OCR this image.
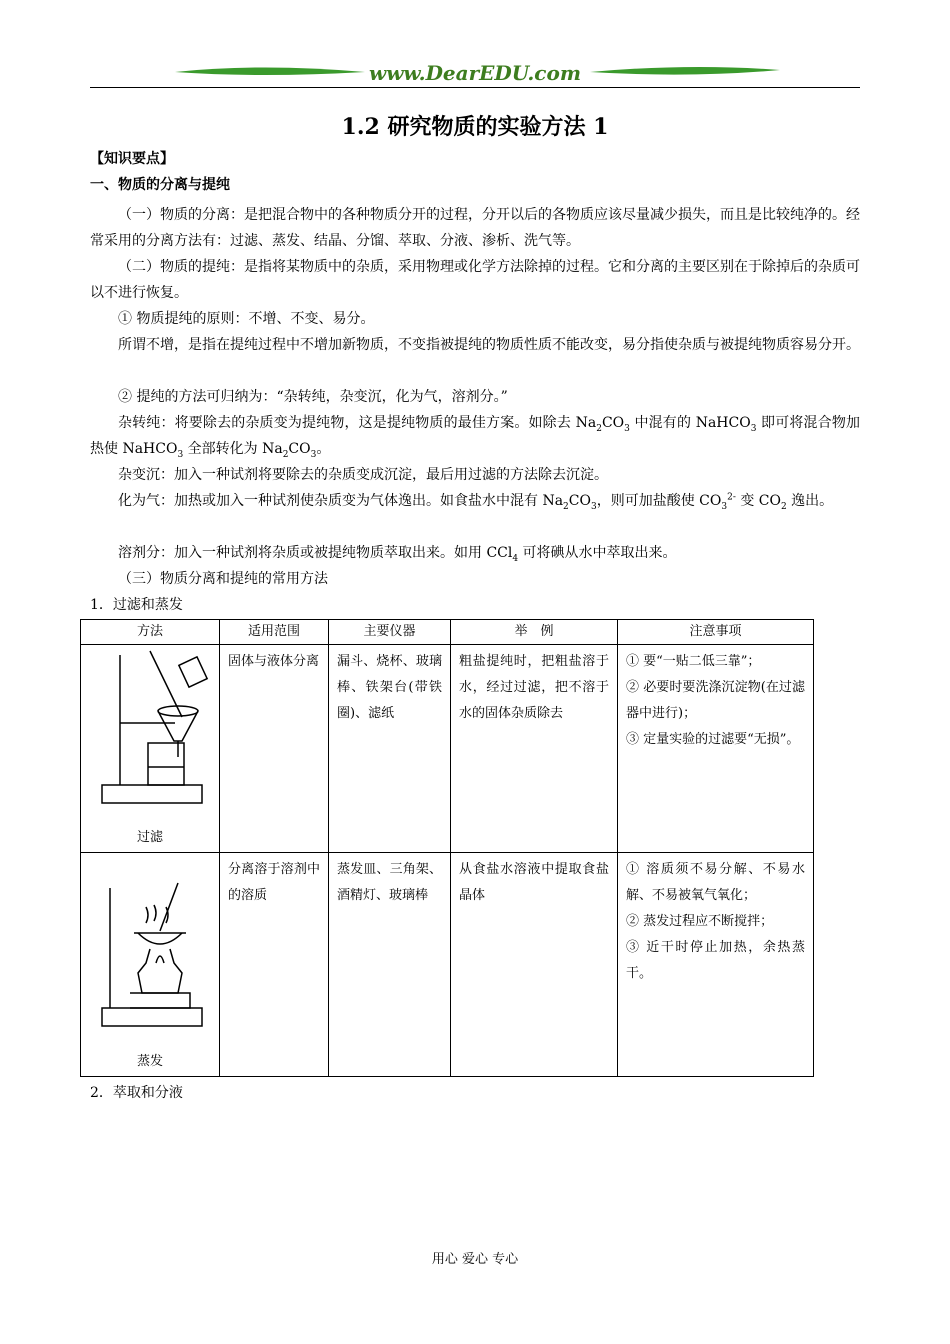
www.DearEDU.com
1.2 研究物质的实验方法 1

【知识要点】

一、物质的分离与提纯

（一）物质的分离：是把混合物中的各种物质分开的过程，分开以后的各物质应该尽量减少损失，而且是比较纯净的。经常采用的分离方法有：过滤、蒸发、结晶、分馏、萃取、分液、渗析、洗气等。

（二）物质的提纯：是指将某物质中的杂质，采用物理或化学方法除掉的过程。它和分离的主要区别在于除掉后的杂质可以不进行恢复。

① 物质提纯的原则：不增、不变、易分。

所谓不增，是指在提纯过程中不增加新物质，不变指被提纯的物质性质不能改变，易分指使杂质与被提纯物质容易分开。

② 提纯的方法可归纳为：“杂转纯，杂变沉，化为气，溶剂分。”

杂转纯：将要除去的杂质变为提纯物，这是提纯物质的最佳方案。如除去 $Na_2CO_3$ 中混有的 NaHCO$_3$ 即可将混合物加热使 NaHCO$_3$ 全部转化为 $Na_2CO_3$。

杂变沉：加入一种试剂将要除去的杂质变成沉淀，最后用过滤的方法除去沉淀。

化为气：加热或加入一种试剂使杂质变为气体逸出。如食盐水中混有 $Na_2CO_3$，则可加盐酸使 $CO_3^{2-}$ 变 $CO_2$ 逸出。

溶剂分：加入一种试剂将杂质或被提纯物质萃取出来。如用 CCl$_4$ 可将碘从水中萃取出来。

（三）物质分离和提纯的常用方法

1．过滤和蒸发

方法	适用范围	主要仪器	举　例	注意事项

过滤	固体与液体分离	漏斗、烧杯、玻璃棒、铁架台(带铁圈)、滤纸	粗盐提纯时，把粗盐溶于水，经过过滤，把不溶于水的固体杂质除去	① 要“一贴二低三靠”；
② 必要时要洗涤沉淀物(在过滤器中进行)；
③ 定量实验的过滤要“无损”。

蒸发	分离溶于溶剂中的溶质	蒸发皿、三角架、酒精灯、玻璃棒	从食盐水溶液中提取食盐晶体	① 溶质须不易分解、不易水解、不易被氧气氧化；
② 蒸发过程应不断搅拌；
③ 近干时停止加热，余热蒸干。

2．萃取和分液

用心 爱心 专心
